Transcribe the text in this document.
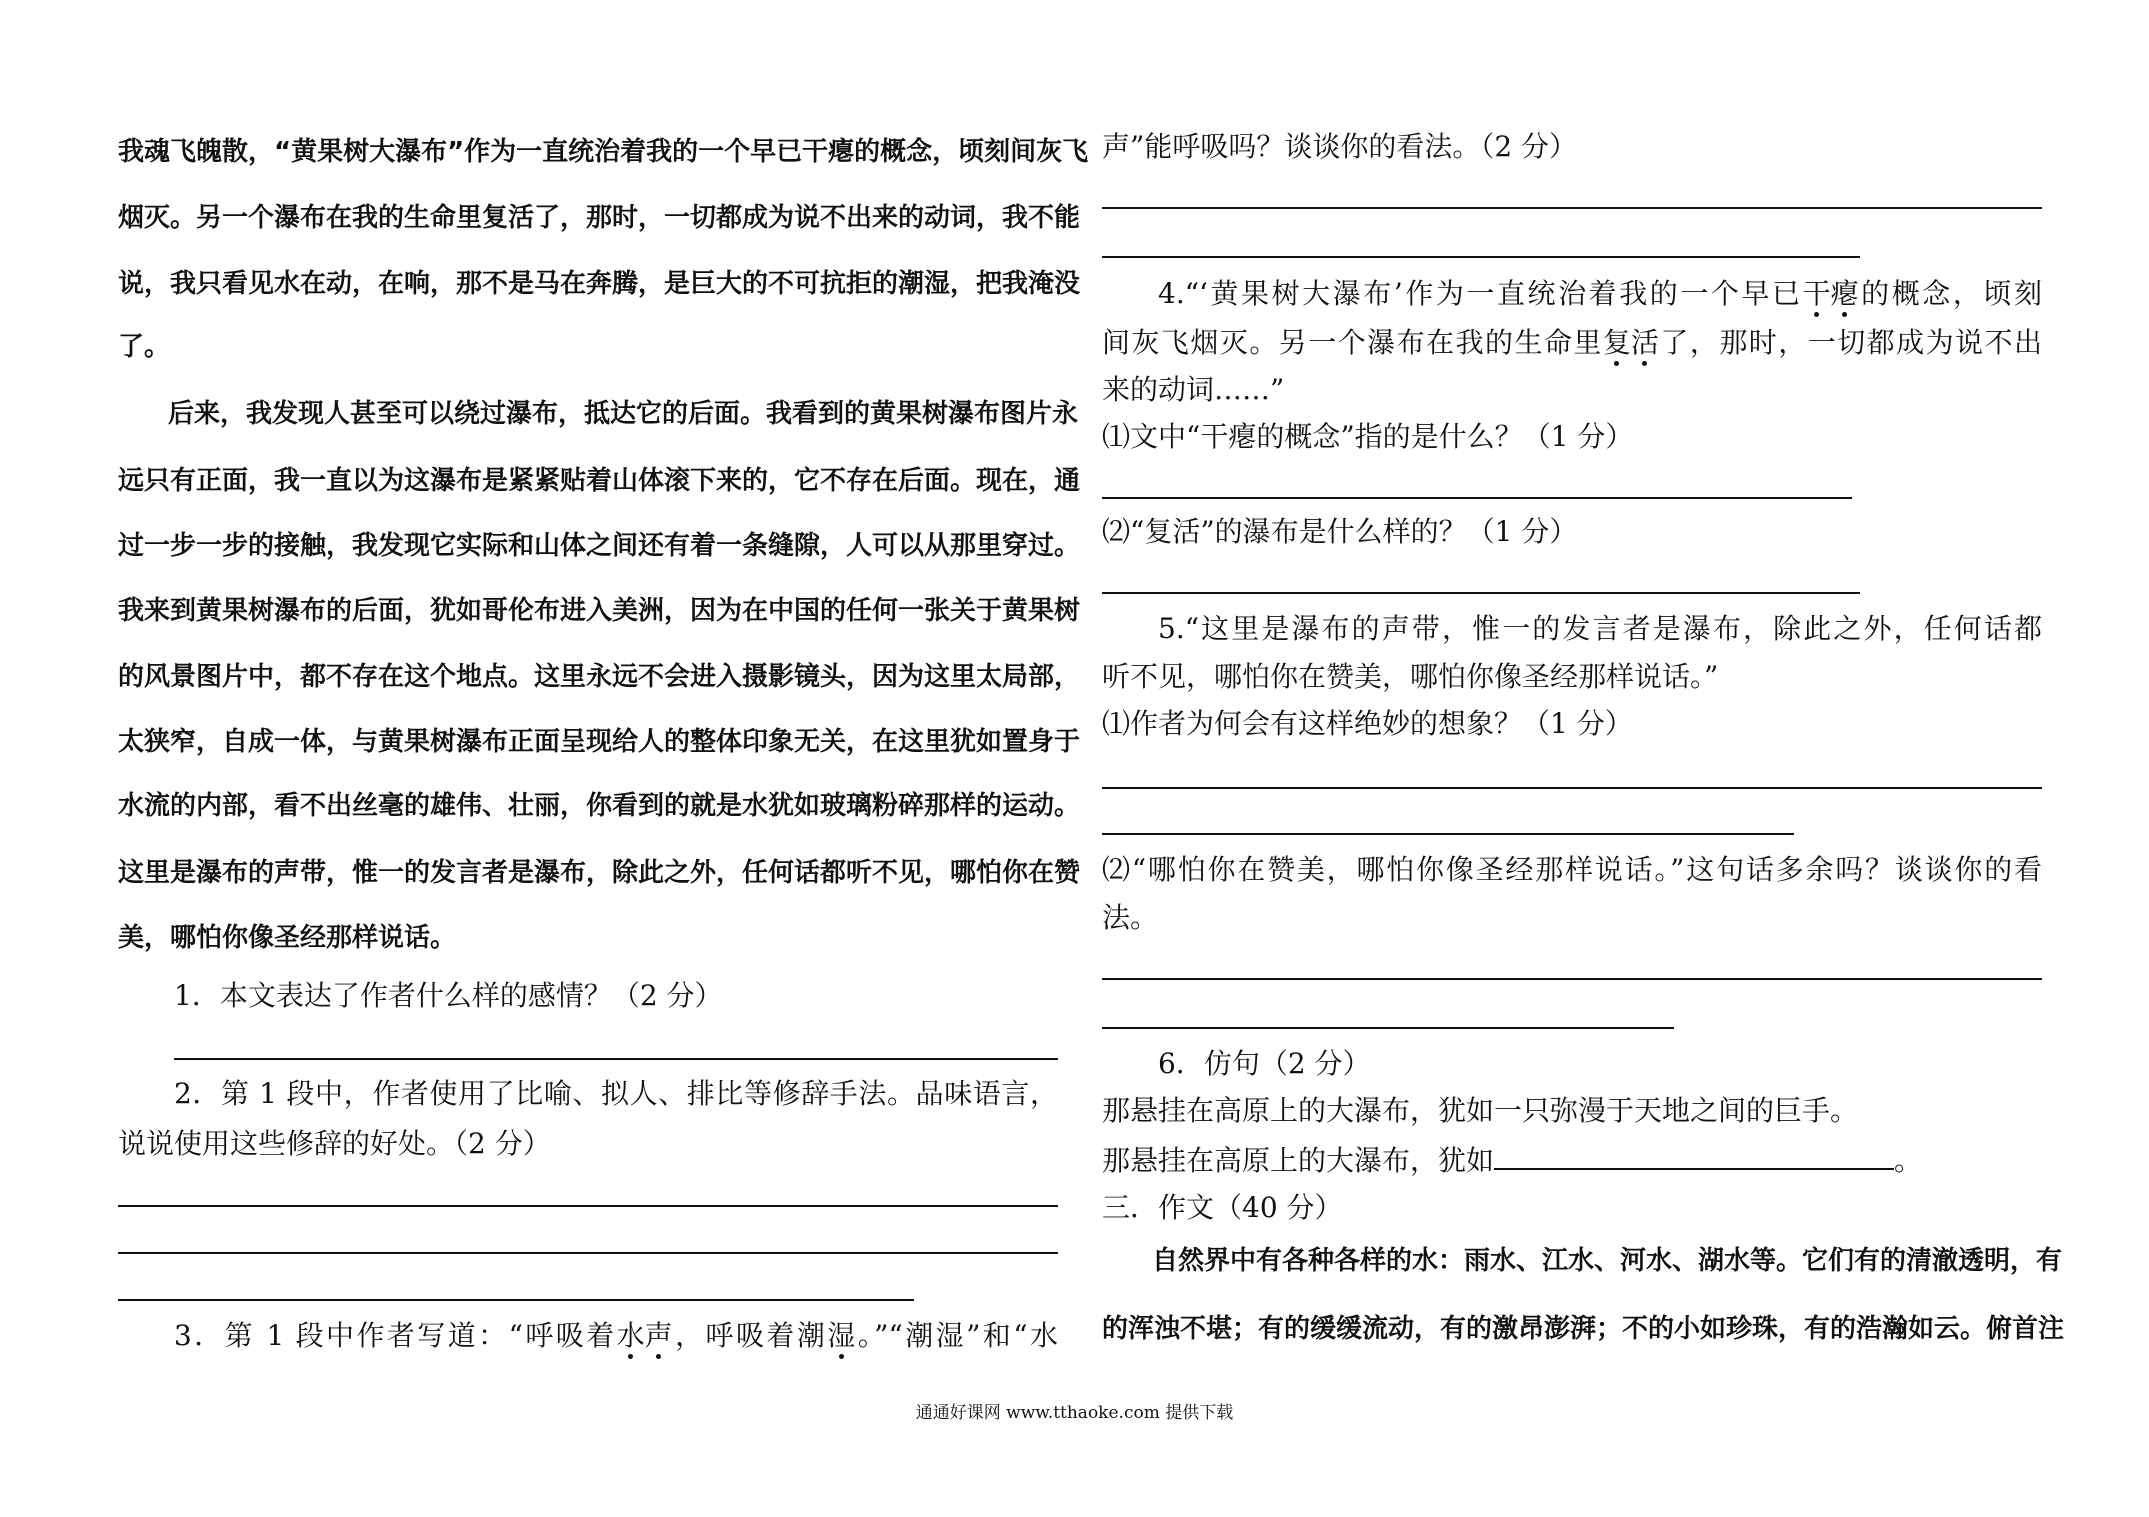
我魂飞魄散，“黄果树大瀑布”作为一直统治着我的一个早已干瘪的概念，顷刻间灰飞
烟灭。另一个瀑布在我的生命里复活了，那时，一切都成为说不出来的动词，我不能
说，我只看见水在动，在响，那不是马在奔腾，是巨大的不可抗拒的潮湿，把我淹没
了。
后来，我发现人甚至可以绕过瀑布，抵达它的后面。我看到的黄果树瀑布图片永
远只有正面，我一直以为这瀑布是紧紧贴着山体滚下来的，它不存在后面。现在，通
过一步一步的接触，我发现它实际和山体之间还有着一条缝隙，人可以从那里穿过。
我来到黄果树瀑布的后面，犹如哥伦布进入美洲，因为在中国的任何一张关于黄果树
的风景图片中，都不存在这个地点。这里永远不会进入摄影镜头，因为这里太局部，
太狭窄，自成一体，与黄果树瀑布正面呈现给人的整体印象无关，在这里犹如置身于
水流的内部，看不出丝毫的雄伟、壮丽，你看到的就是水犹如玻璃粉碎那样的运动。
这里是瀑布的声带，惟一的发言者是瀑布，除此之外，任何话都听不见，哪怕你在赞
美，哪怕你像圣经那样说话。
1．本文表达了作者什么样的感情？（2 分）
2．第 1 段中，作者使用了比喻、拟人、排比等修辞手法。品味语言，
说说使用这些修辞的好处。（2 分）
3．第 1 段中作者写道：“呼吸着水声，呼吸着潮湿。”“潮湿”和“水
声”能呼吸吗？谈谈你的看法。（2 分）
4.“‘黄果树大瀑布’作为一直统治着我的一个早已干瘪的概念，顷刻
间灰飞烟灭。另一个瀑布在我的生命里复活了，那时，一切都成为说不出
来的动词……”
⑴文中“干瘪的概念”指的是什么？（1 分）
⑵“复活”的瀑布是什么样的？（1 分）
5.“这里是瀑布的声带，惟一的发言者是瀑布，除此之外，任何话都
听不见，哪怕你在赞美，哪怕你像圣经那样说话。”
⑴作者为何会有这样绝妙的想象？（1 分）
⑵“哪怕你在赞美，哪怕你像圣经那样说话。”这句话多余吗？谈谈你的看
法。
6．仿句（2 分）
那悬挂在高原上的大瀑布，犹如一只弥漫于天地之间的巨手。
那悬挂在高原上的大瀑布，犹如	。
三．作文（40 分）
自然界中有各种各样的水：雨水、江水、河水、湖水等。它们有的清澈透明，有
的浑浊不堪；有的缓缓流动，有的激昂澎湃；不的小如珍珠，有的浩瀚如云。俯首注
通通好课网 www.tthaoke.com 提供下载
